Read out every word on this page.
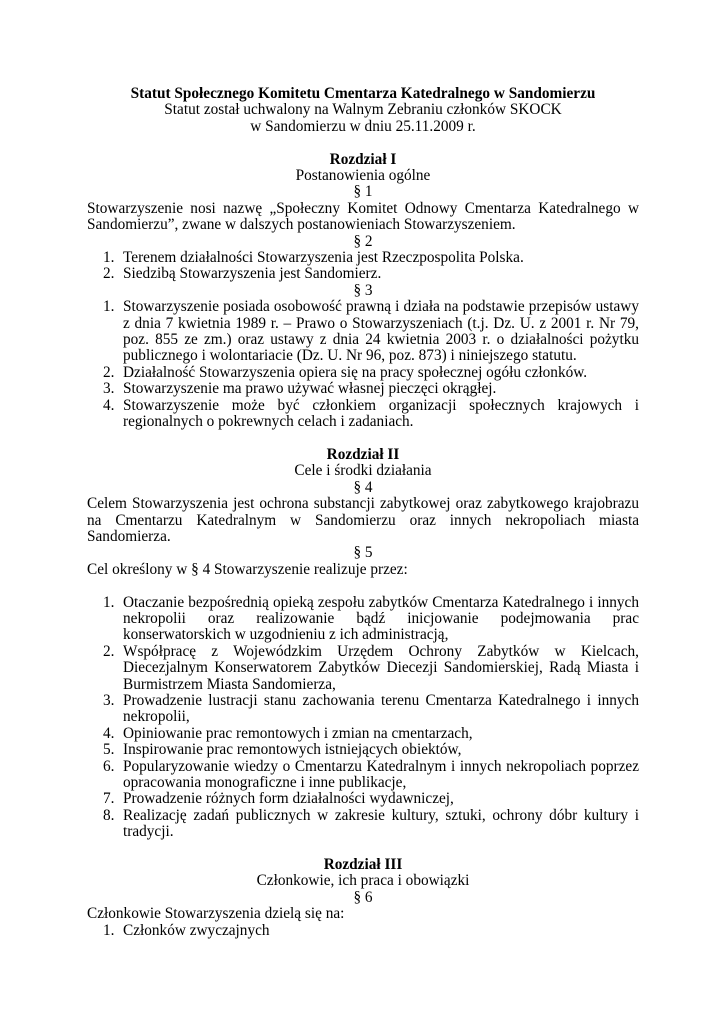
Statut Społecznego Komitetu Cmentarza Katedralnego w Sandomierzu

Statut został uchwalony na Walnym Zebraniu członków SKOCK

w Sandomierzu w dniu 25.11.2009 r.

Rozdział I

Postanowienia ogólne

§ 1

Stowarzyszenie nosi nazwę „Społeczny Komitet Odnowy Cmentarza Katedralnego w Sandomierzu”, zwane w dalszych postanowieniach Stowarzyszeniem.

§ 2

1. Terenem działalności Stowarzyszenia jest Rzeczpospolita Polska.
2. Siedzibą Stowarzyszenia jest Sandomierz.

§ 3

1. Stowarzyszenie posiada osobowość prawną i działa na podstawie przepisów ustawy z dnia 7 kwietnia 1989 r. – Prawo o Stowarzyszeniach (t.j. Dz. U. z 2001 r. Nr 79, poz. 855 ze zm.) oraz ustawy z dnia 24 kwietnia 2003 r. o działalności pożytku publicznego i wolontariacie (Dz. U. Nr 96, poz. 873) i niniejszego statutu.
2. Działalność Stowarzyszenia opiera się na pracy społecznej ogółu członków.
3. Stowarzyszenie ma prawo używać własnej pieczęci okrągłej.
4. Stowarzyszenie może być członkiem organizacji społecznych krajowych i regionalnych o pokrewnych celach i zadaniach.

Rozdział II

Cele i środki działania

§ 4

Celem Stowarzyszenia jest ochrona substancji zabytkowej oraz zabytkowego krajobrazu na Cmentarzu Katedralnym w Sandomierzu oraz innych nekropoliach miasta Sandomierza.

§ 5

Cel określony w § 4 Stowarzyszenie realizuje przez:

1. Otaczanie bezpośrednią opieką zespołu zabytków Cmentarza Katedralnego i innych nekropolii oraz realizowanie bądź inicjowanie podejmowania prac konserwatorskich w uzgodnieniu z ich administracją,
2. Współpracę z Wojewódzkim Urzędem Ochrony Zabytków w Kielcach, Diecezjalnym Konserwatorem Zabytków Diecezji Sandomierskiej, Radą Miasta i Burmistrzem Miasta Sandomierza,
3. Prowadzenie lustracji stanu zachowania terenu Cmentarza Katedralnego i innych nekropolii,
4. Opiniowanie prac remontowych i zmian na cmentarzach,
5. Inspirowanie prac remontowych istniejących obiektów,
6. Popularyzowanie wiedzy o Cmentarzu Katedralnym i innych nekropoliach poprzez opracowania monograficzne i inne publikacje,
7. Prowadzenie różnych form działalności wydawniczej,
8. Realizację zadań publicznych w zakresie kultury, sztuki, ochrony dóbr kultury i tradycji.

Rozdział III

Członkowie, ich praca i obowiązki

§ 6

Członkowie Stowarzyszenia dzielą się na:

1. Członków zwyczajnych
